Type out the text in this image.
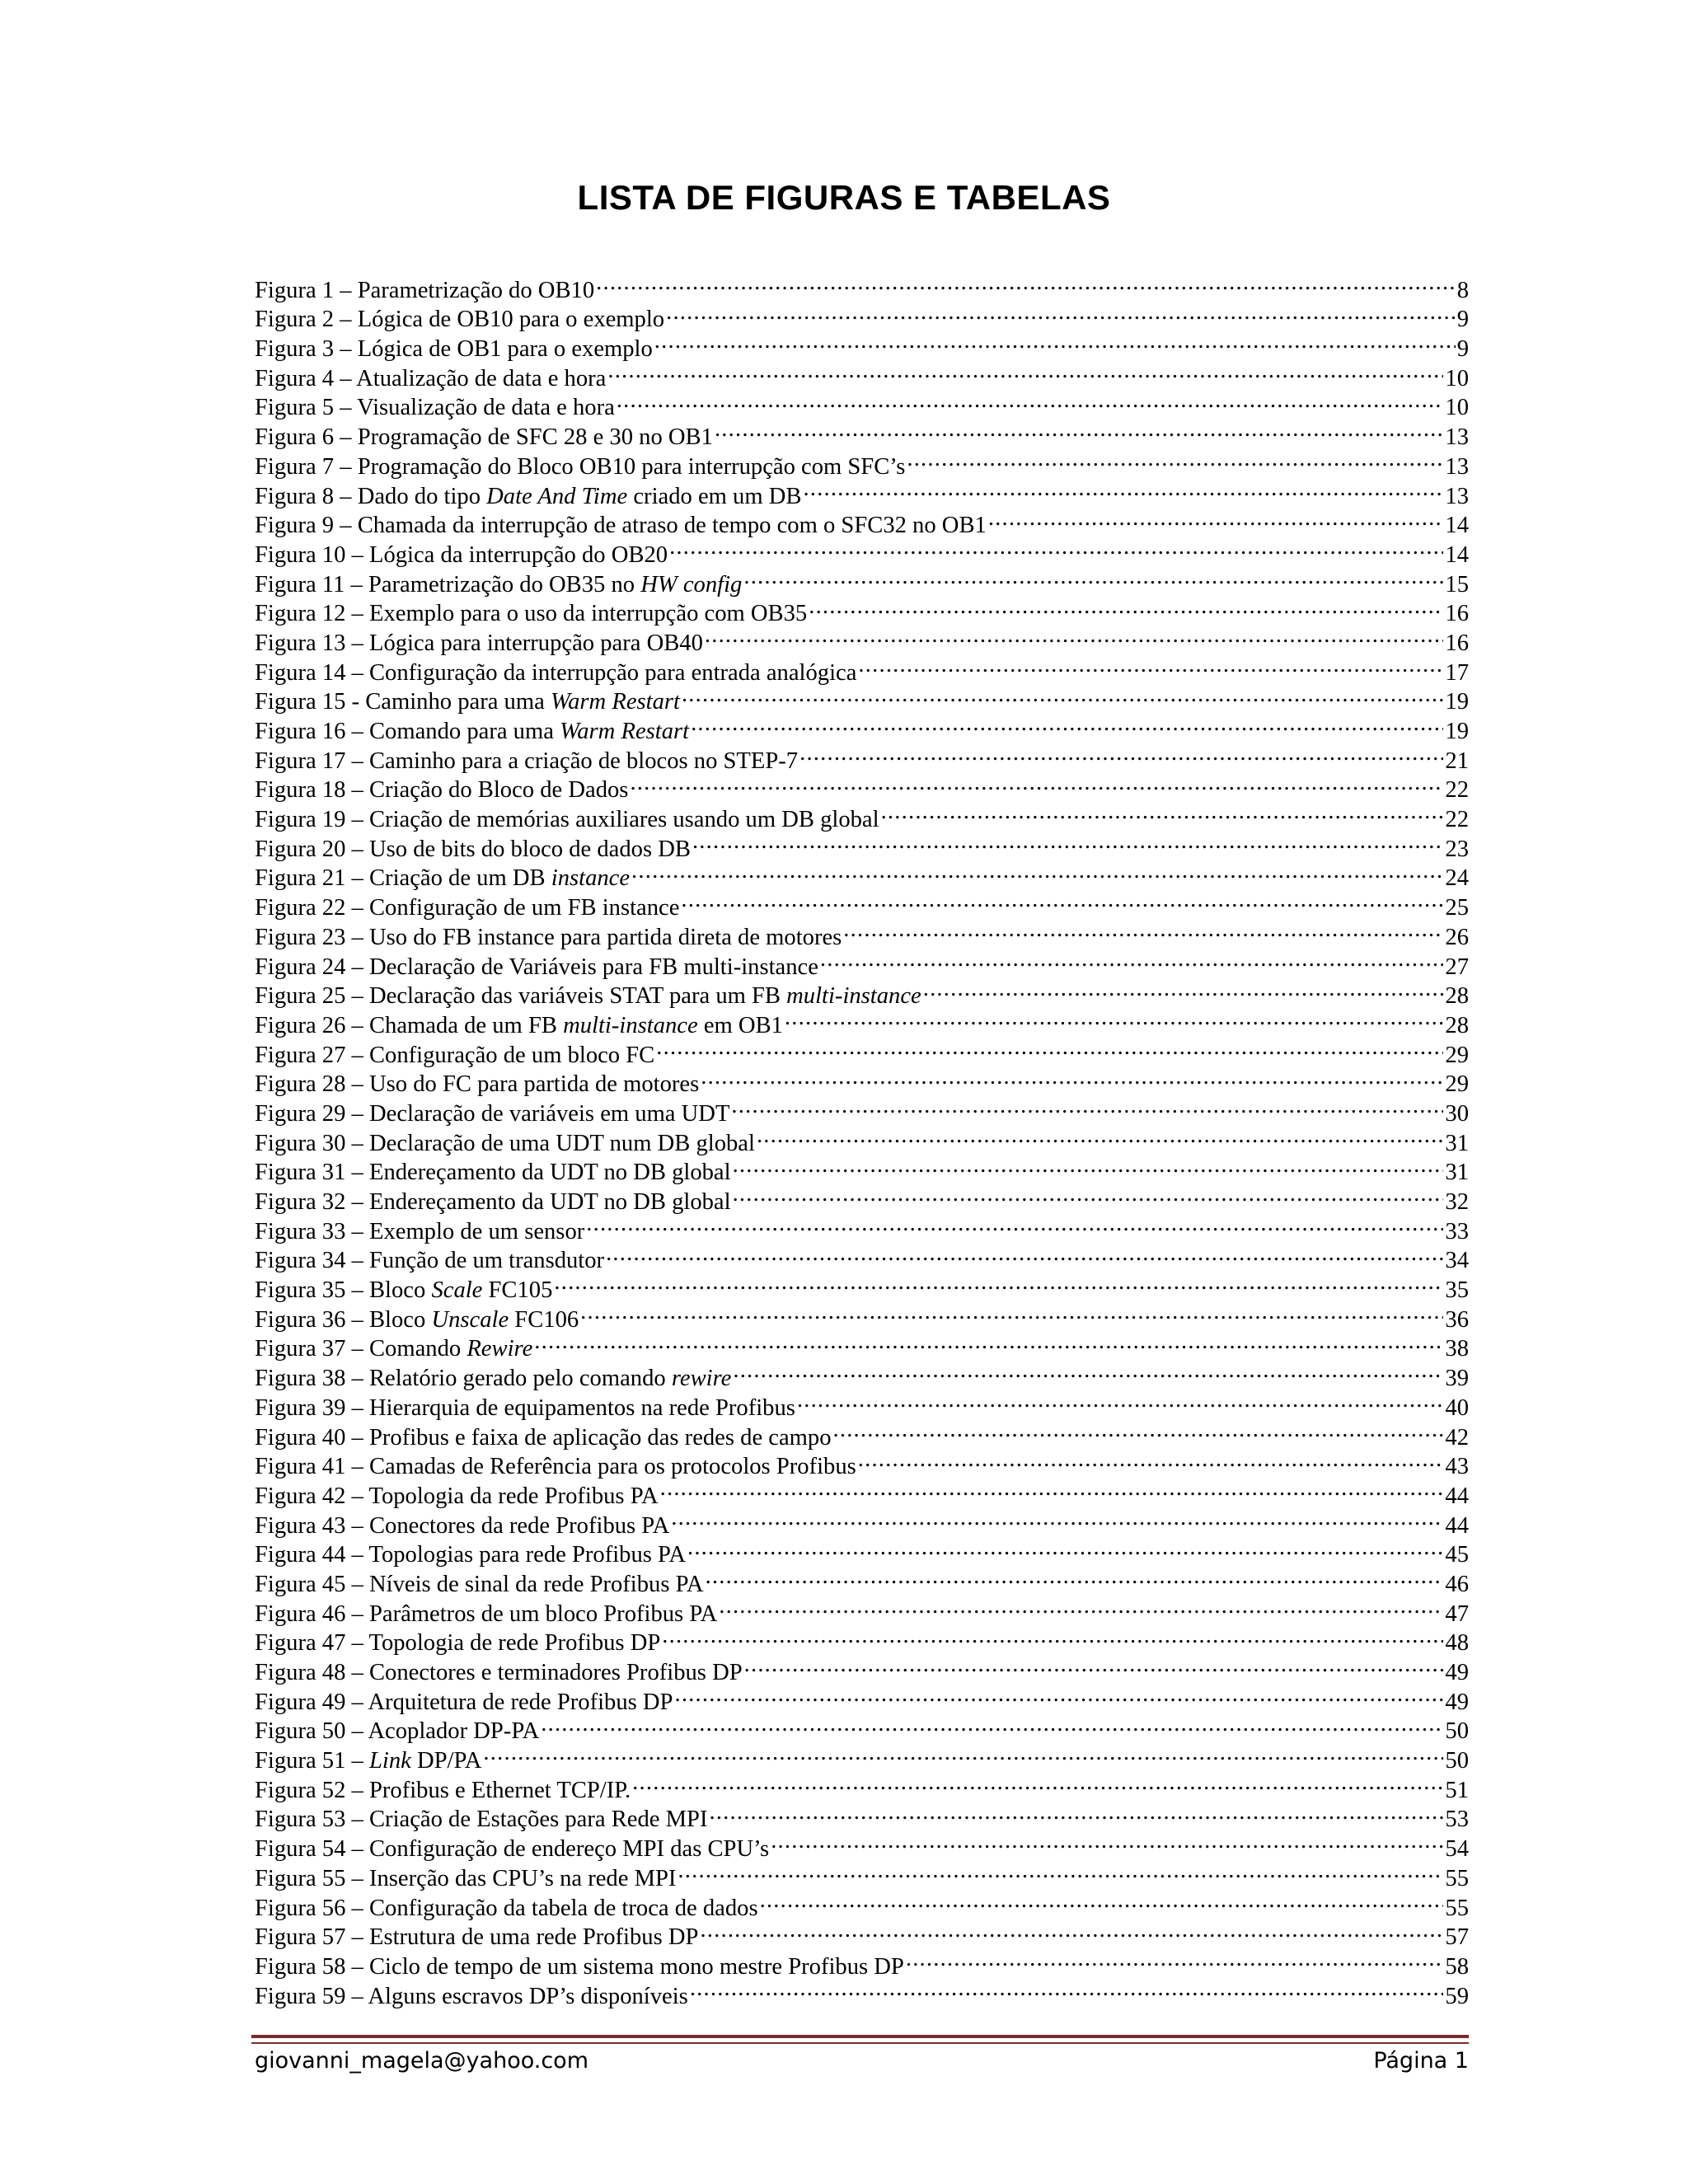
LISTA DE FIGURAS E TABELAS
Figura 1 – Parametrização do OB10 .....	8
Figura 2 – Lógica de OB10 para o exemplo .....	9
Figura 3 – Lógica de OB1 para o exemplo .....	9
Figura 4 – Atualização de data e hora .....	10
Figura 5 – Visualização de data e hora .....	10
Figura 6 – Programação de SFC 28 e 30 no OB1 .....	13
Figura 7 – Programação do Bloco OB10 para interrupção com SFC’s .....	13
Figura 8 – Dado do tipo Date And Time criado em um DB .....	13
Figura 9 – Chamada da interrupção de atraso de tempo com o SFC32 no OB1 .....	14
Figura 10 – Lógica da interrupção do OB20 .....	14
Figura 11 – Parametrização do OB35 no HW config .....	15
Figura 12 – Exemplo para o uso da interrupção com OB35 .....	16
Figura 13 – Lógica para interrupção para OB40 .....	16
Figura 14 – Configuração da interrupção para entrada analógica .....	17
Figura 15 - Caminho para uma Warm Restart .....	19
Figura 16 – Comando para uma Warm Restart .....	19
Figura 17 – Caminho para a criação de blocos no STEP-7 .....	21
Figura 18 – Criação do Bloco de Dados .....	22
Figura 19 – Criação de memórias auxiliares usando um DB global .....	22
Figura 20 – Uso de bits do bloco de dados DB .....	23
Figura 21 – Criação de um DB instance .....	24
Figura 22 – Configuração de um FB instance .....	25
Figura 23 – Uso do FB instance para partida direta de motores .....	26
Figura 24 – Declaração de Variáveis para FB multi-instance .....	27
Figura 25 – Declaração das variáveis STAT para um FB multi-instance .....	28
Figura 26 – Chamada de um FB multi-instance em OB1 .....	28
Figura 27 – Configuração de um bloco FC .....	29
Figura 28 – Uso do FC para partida de motores .....	29
Figura 29 – Declaração de variáveis em uma UDT .....	30
Figura 30 – Declaração de uma UDT num DB global .....	31
Figura 31 – Endereçamento da UDT no DB global .....	31
Figura 32 – Endereçamento da UDT no DB global .....	32
Figura 33 – Exemplo de um sensor .....	33
Figura 34 – Função de um transdutor .....	34
Figura 35 – Bloco Scale FC105 .....	35
Figura 36 – Bloco Unscale FC106 .....	36
Figura 37 – Comando Rewire .....	38
Figura 38 – Relatório gerado pelo comando rewire .....	39
Figura 39 – Hierarquia de equipamentos na rede Profibus .....	40
Figura 40 – Profibus e faixa de aplicação das redes de campo .....	42
Figura 41 – Camadas de Referência para os protocolos Profibus .....	43
Figura 42 – Topologia da rede Profibus PA .....	44
Figura 43 – Conectores da rede Profibus PA .....	44
Figura 44 – Topologias para rede Profibus PA .....	45
Figura 45 – Níveis de sinal da rede Profibus PA .....	46
Figura 46 – Parâmetros de um bloco Profibus PA .....	47
Figura 47 – Topologia de rede Profibus DP .....	48
Figura 48 – Conectores e terminadores Profibus DP .....	49
Figura 49 – Arquitetura de rede Profibus DP .....	49
Figura 50 – Acoplador DP-PA .....	50
Figura 51 – Link DP/PA .....	50
Figura 52 – Profibus e Ethernet TCP/IP. .....	51
Figura 53 – Criação de Estações para Rede MPI .....	53
Figura 54 – Configuração de endereço MPI das CPU’s .....	54
Figura 55 – Inserção das CPU’s na rede MPI .....	55
Figura 56 – Configuração da tabela de troca de dados .....	55
Figura 57 – Estrutura de uma rede Profibus DP .....	57
Figura 58 – Ciclo de tempo de um sistema mono mestre Profibus DP .....	58
Figura 59 – Alguns escravos DP’s disponíveis .....	59
giovanni_magela@yahoo.com	Página 1
